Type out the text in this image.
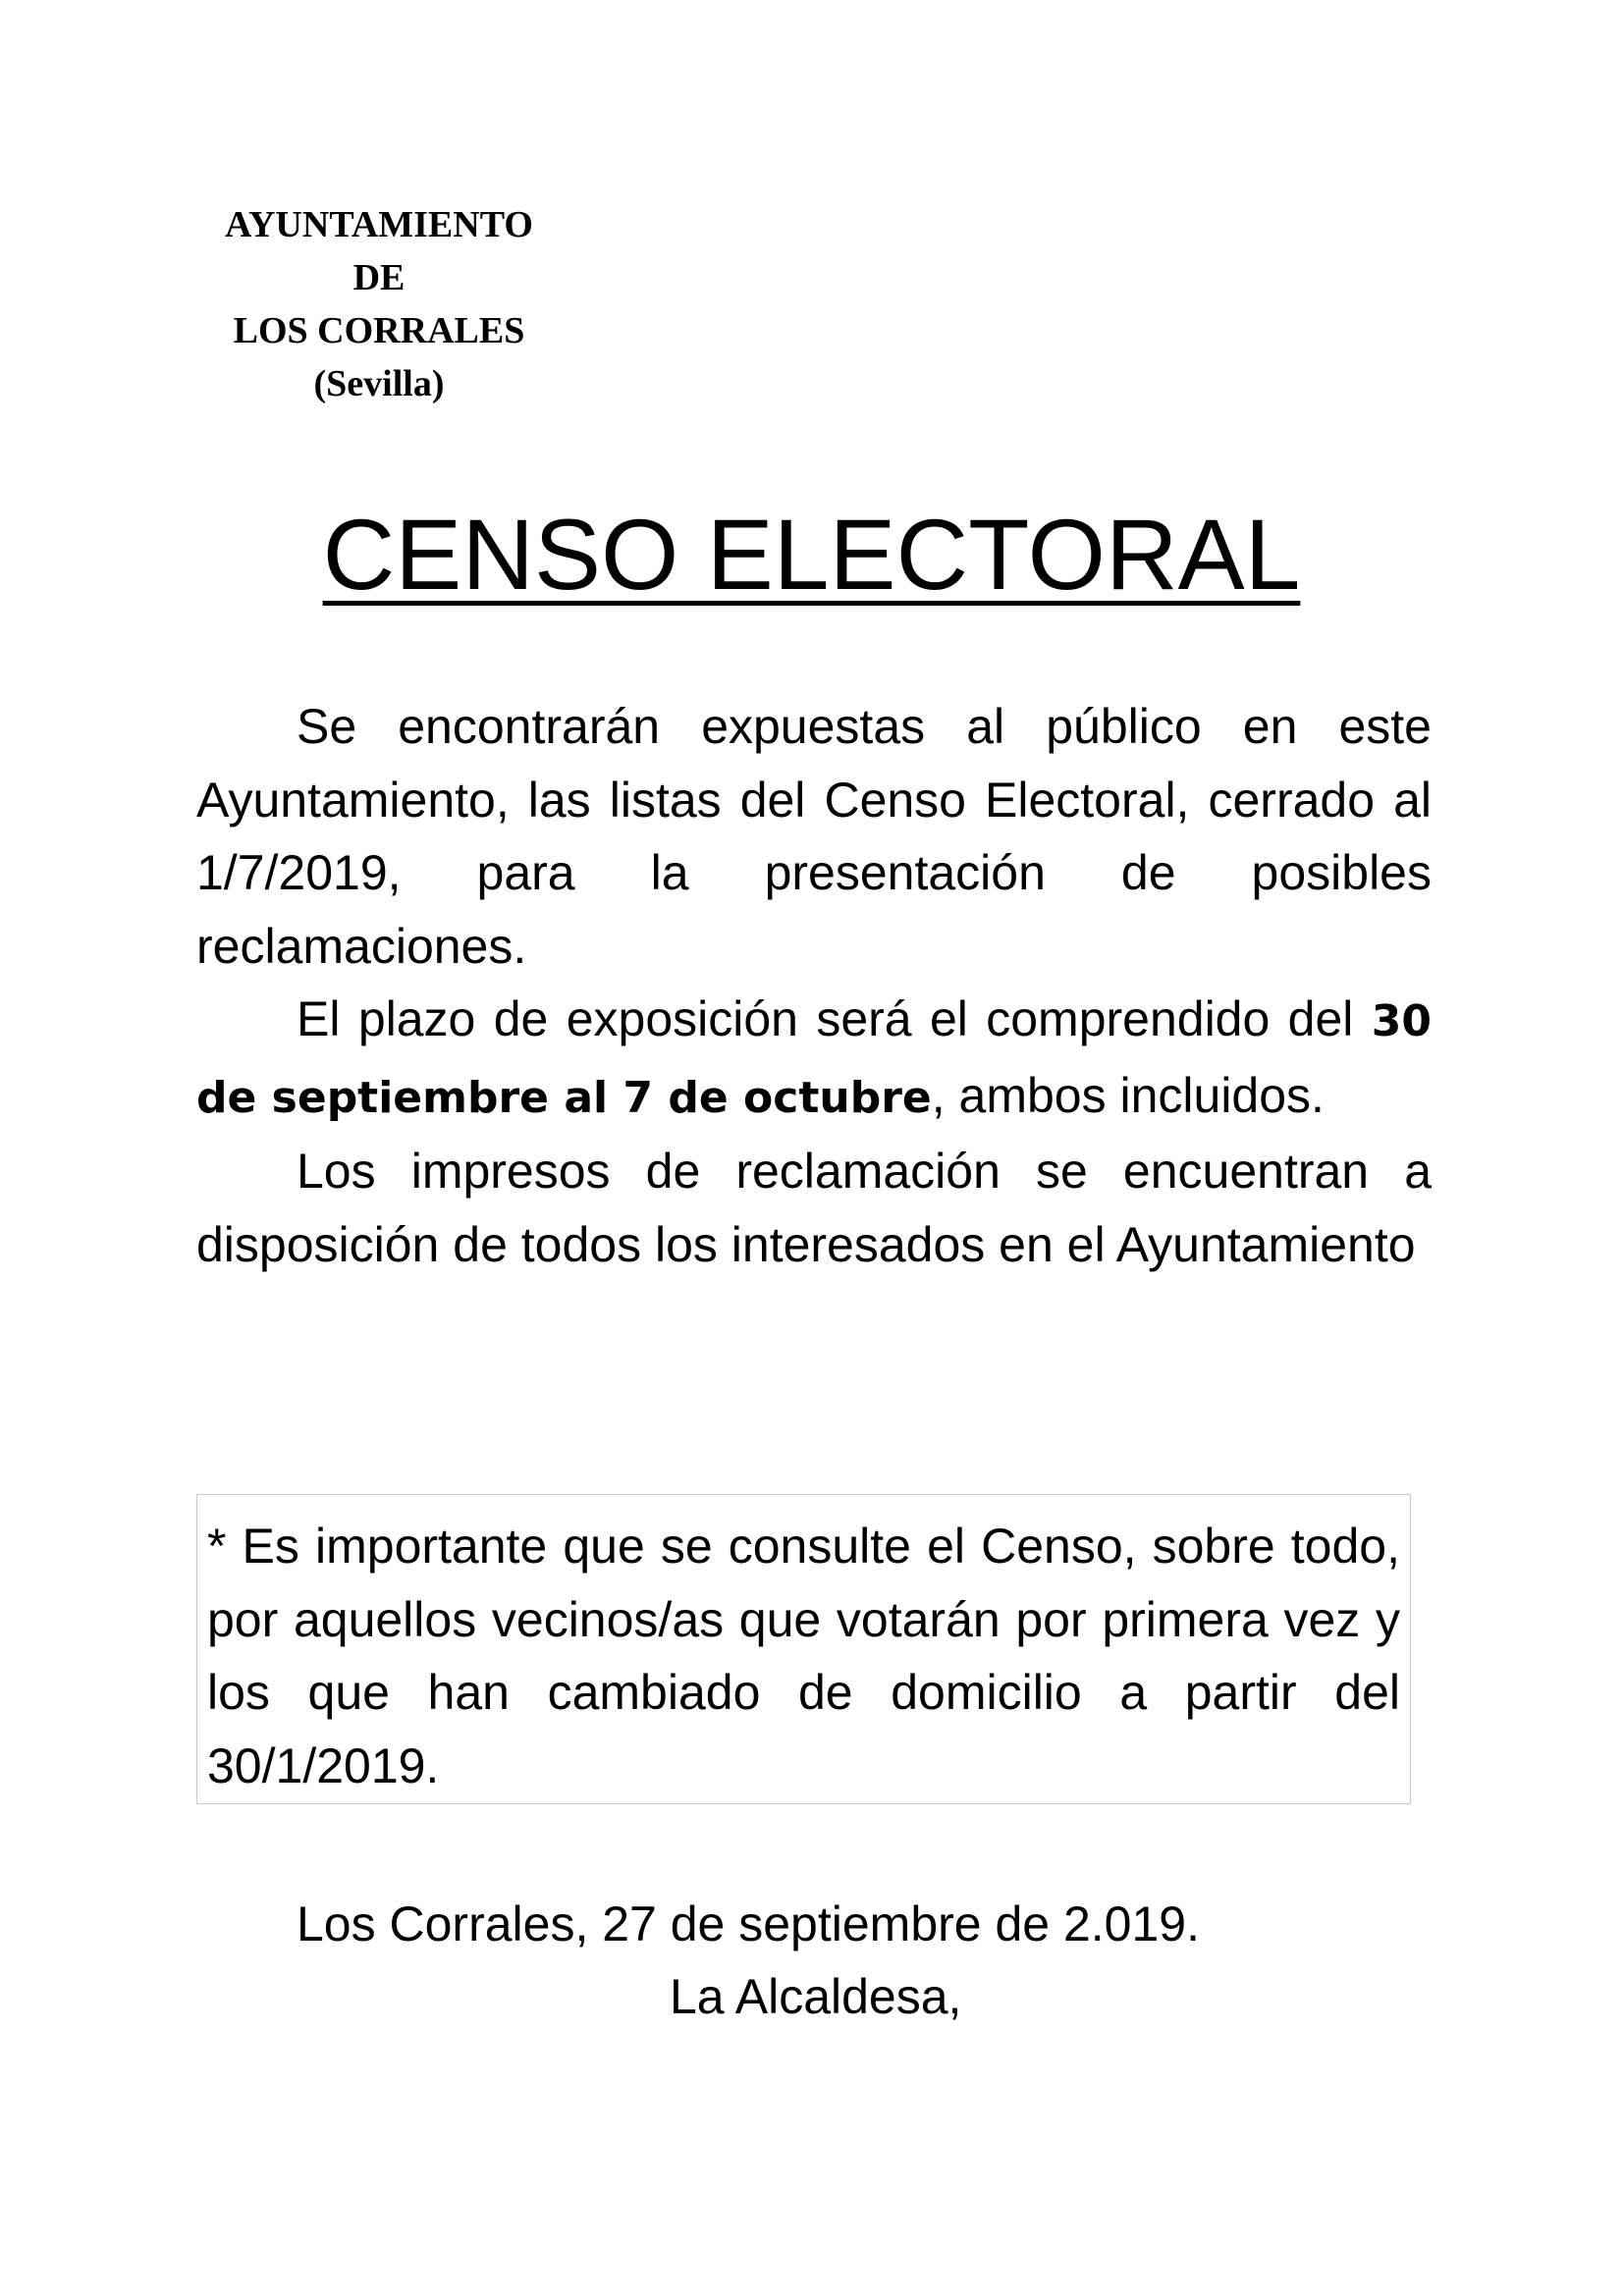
AYUNTAMIENTO
DE
LOS CORRALES
(Sevilla)
CENSO ELECTORAL

Se encontrarán expuestas al público en este Ayuntamiento, las listas del Censo Electoral, cerrado al 1/7/2019, para la presentación de posibles reclamaciones.

El plazo de exposición será el comprendido del 30 de septiembre al 7 de octubre, ambos incluidos.

Los impresos de reclamación se encuentran a disposición de todos los interesados en el Ayuntamiento

* Es importante que se consulte el Censo, sobre todo, por aquellos vecinos/as que votarán por primera vez y los que han cambiado de domicilio a partir del 30/1/2019.

Los Corrales, 27 de septiembre de 2.019.
La Alcaldesa,
